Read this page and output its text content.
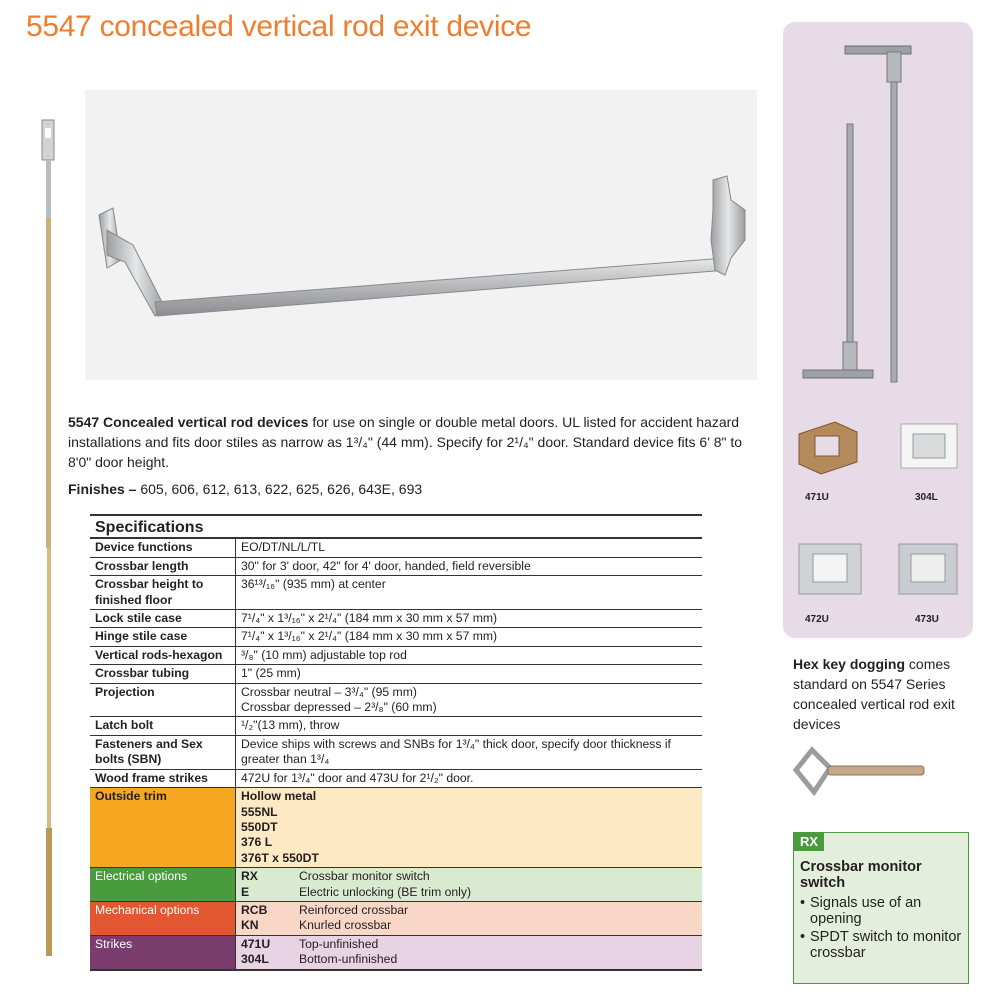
5547 concealed vertical rod exit device
5547 Concealed vertical rod devices for use on single or double metal doors. UL listed for accident hazard installations and fits door stiles as narrow as 1³/₄" (44 mm). Specify for 2¹/₄" door. Standard device fits 6' 8" to 8'0" door height.
Finishes – 605, 606, 612, 613, 622, 625, 626, 643E, 693
Specifications	
Device functions	EO/DT/NL/L/TL
Crossbar length	30" for 3' door, 42" for 4' door, handed, field reversible
Crossbar height to finished floor	36¹³/₁₆" (935 mm) at center
Lock stile case	7¹/₄" x 1³/₁₆" x 2¹/₄" (184 mm x 30 mm x 57 mm)
Hinge stile case	7¹/₄" x 1³/₁₆" x 2¹/₄" (184 mm x 30 mm x 57 mm)
Vertical rods-hexagon	³/₈" (10 mm) adjustable top rod
Crossbar tubing	1" (25 mm)
Projection	Crossbar neutral – 3³/₄" (95 mm)
Crossbar depressed – 2³/₈" (60 mm)

Latch bolt	¹/₂"(13 mm), throw
Fasteners and Sex bolts (SBN)	Device ships with screws and SNBs for 1³/₄" thick door, specify door thickness if greater than 1³/₄
Wood frame strikes	472U for 1³/₄" door and 473U for 2¹/₂" door.
Outside trim	Hollow metal
555NL
550DT
376 L
376T x 550DT

Electrical options	RX Crossbar monitor switch
E Electric unlocking (BE trim only)

Mechanical options	RCB Reinforced crossbar
KN Knurled crossbar

Strikes	471U Top-unfinished
304L Bottom-unfinished
471U	304L
472U	473U
Hex key dogging comes standard on 5547 Series concealed vertical rod exit devices
RX
Crossbar monitor switch
• Signals use of an opening
• SPDT switch to monitor crossbar
